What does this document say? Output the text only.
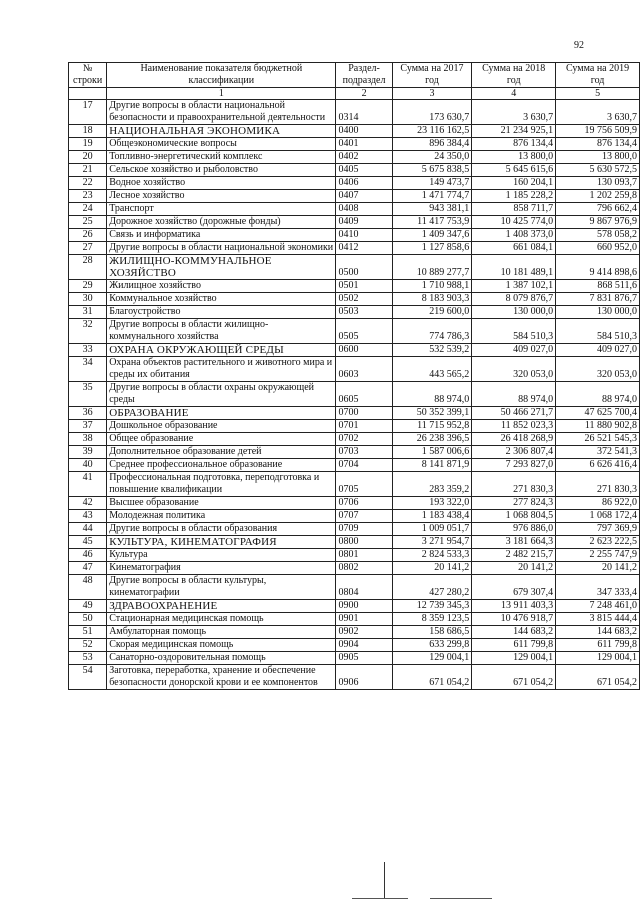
92
№ строки	Наименование показателя бюджетной классификации	Раздел-подраздел	Сумма на 2017 год	Сумма на 2018 год	Сумма на 2019 год
	1	2	3	4	5
17	Другие вопросы в области национальной безопасности и правоохранительной деятельности	0314	173 630,7	3 630,7	3 630,7
18	НАЦИОНАЛЬНАЯ ЭКОНОМИКА	0400	23 116 162,5	21 234 925,1	19 756 509,9
19	Общеэкономические вопросы	0401	896 384,4	876 134,4	876 134,4
20	Топливно-энергетический комплекс	0402	24 350,0	13 800,0	13 800,0
21	Сельское хозяйство и рыболовство	0405	5 675 838,5	5 645 615,6	5 630 572,5
22	Водное хозяйство	0406	149 473,7	160 204,1	130 093,7
23	Лесное хозяйство	0407	1 471 774,7	1 185 228,2	1 202 259,8
24	Транспорт	0408	943 381,1	858 711,7	796 662,4
25	Дорожное хозяйство (дорожные фонды)	0409	11 417 753,9	10 425 774,0	9 867 976,9
26	Связь и информатика	0410	1 409 347,6	1 408 373,0	578 058,2
27	Другие вопросы в области национальной экономики	0412	1 127 858,6	661 084,1	660 952,0
28	ЖИЛИЩНО-КОММУНАЛЬНОЕ ХОЗЯЙСТВО	0500	10 889 277,7	10 181 489,1	9 414 898,6
29	Жилищное хозяйство	0501	1 710 988,1	1 387 102,1	868 511,6
30	Коммунальное хозяйство	0502	8 183 903,3	8 079 876,7	7 831 876,7
31	Благоустройство	0503	219 600,0	130 000,0	130 000,0
32	Другие вопросы в области жилищно-коммунального хозяйства	0505	774 786,3	584 510,3	584 510,3
33	ОХРАНА ОКРУЖАЮЩЕЙ СРЕДЫ	0600	532 539,2	409 027,0	409 027,0
34	Охрана объектов растительного и животного мира и среды их обитания	0603	443 565,2	320 053,0	320 053,0
35	Другие вопросы в области охраны окружающей среды	0605	88 974,0	88 974,0	88 974,0
36	ОБРАЗОВАНИЕ	0700	50 352 399,1	50 466 271,7	47 625 700,4
37	Дошкольное образование	0701	11 715 952,8	11 852 023,3	11 880 902,8
38	Общее образование	0702	26 238 396,5	26 418 268,9	26 521 545,3
39	Дополнительное образование детей	0703	1 587 006,6	2 306 807,4	372 541,3
40	Среднее профессиональное образование	0704	8 141 871,9	7 293 827,0	6 626 416,4
41	Профессиональная подготовка, переподготовка и повышение квалификации	0705	283 359,2	271 830,3	271 830,3
42	Высшее образование	0706	193 322,0	277 824,3	86 922,0
43	Молодежная политика	0707	1 183 438,4	1 068 804,5	1 068 172,4
44	Другие вопросы в области образования	0709	1 009 051,7	976 886,0	797 369,9
45	КУЛЬТУРА, КИНЕМАТОГРАФИЯ	0800	3 271 954,7	3 181 664,3	2 623 222,5
46	Культура	0801	2 824 533,3	2 482 215,7	2 255 747,9
47	Кинематография	0802	20 141,2	20 141,2	20 141,2
48	Другие вопросы в области культуры, кинематографии	0804	427 280,2	679 307,4	347 333,4
49	ЗДРАВООХРАНЕНИЕ	0900	12 739 345,3	13 911 403,3	7 248 461,0
50	Стационарная медицинская помощь	0901	8 359 123,5	10 476 918,7	3 815 444,4
51	Амбулаторная помощь	0902	158 686,5	144 683,2	144 683,2
52	Скорая медицинская помощь	0904	633 299,8	611 799,8	611 799,8
53	Санаторно-оздоровительная помощь	0905	129 004,1	129 004,1	129 004,1
54	Заготовка, переработка, хранение и обеспечение безопасности донорской крови и ее компонентов	0906	671 054,2	671 054,2	671 054,2
